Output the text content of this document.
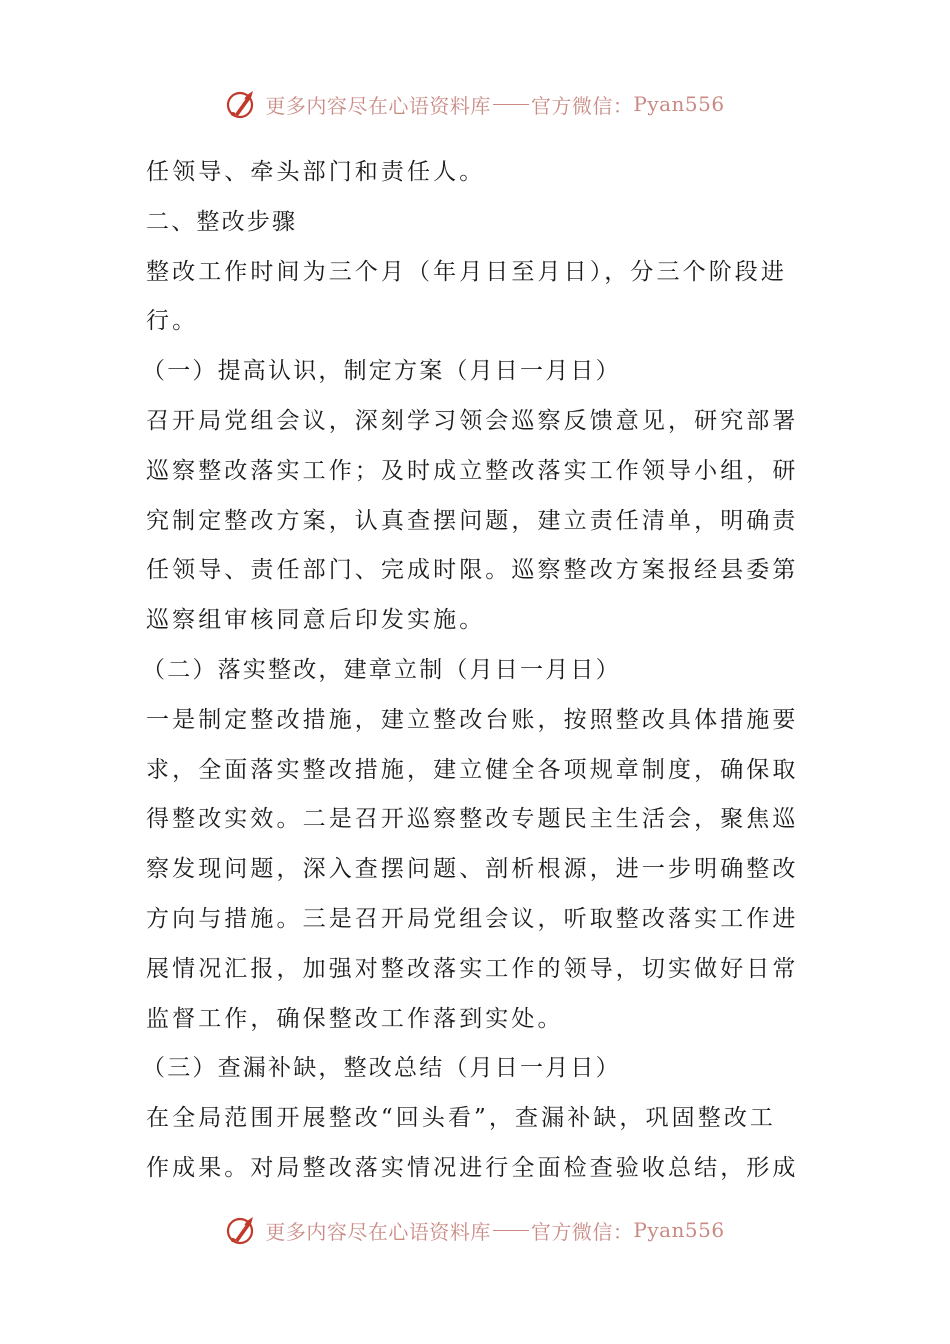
更多内容尽在心语资料库 官方微信： Pyan556
任领导、牵头部门和责任人。
二、整改步骤
整改工作时间为三个月（年月日至月日），分三个阶段进
行。
（一）提高认识，制定方案（月日一月日）
召开局党组会议，深刻学习领会巡察反馈意见，研究部署
巡察整改落实工作；及时成立整改落实工作领导小组，研
究制定整改方案，认真查摆问题，建立责任清单，明确责
任领导、责任部门、完成时限。巡察整改方案报经县委第
巡察组审核同意后印发实施。
（二）落实整改，建章立制（月日一月日）
一是制定整改措施，建立整改台账，按照整改具体措施要
求，全面落实整改措施，建立健全各项规章制度，确保取
得整改实效。二是召开巡察整改专题民主生活会，聚焦巡
察发现问题，深入查摆问题、剖析根源，进一步明确整改
方向与措施。三是召开局党组会议，听取整改落实工作进
展情况汇报，加强对整改落实工作的领导，切实做好日常
监督工作，确保整改工作落到实处。
（三）查漏补缺，整改总结（月日一月日）
在全局范围开展整改“回头看”，查漏补缺，巩固整改工
作成果。对局整改落实情况进行全面检查验收总结，形成
更多内容尽在心语资料库 官方微信： Pyan556
